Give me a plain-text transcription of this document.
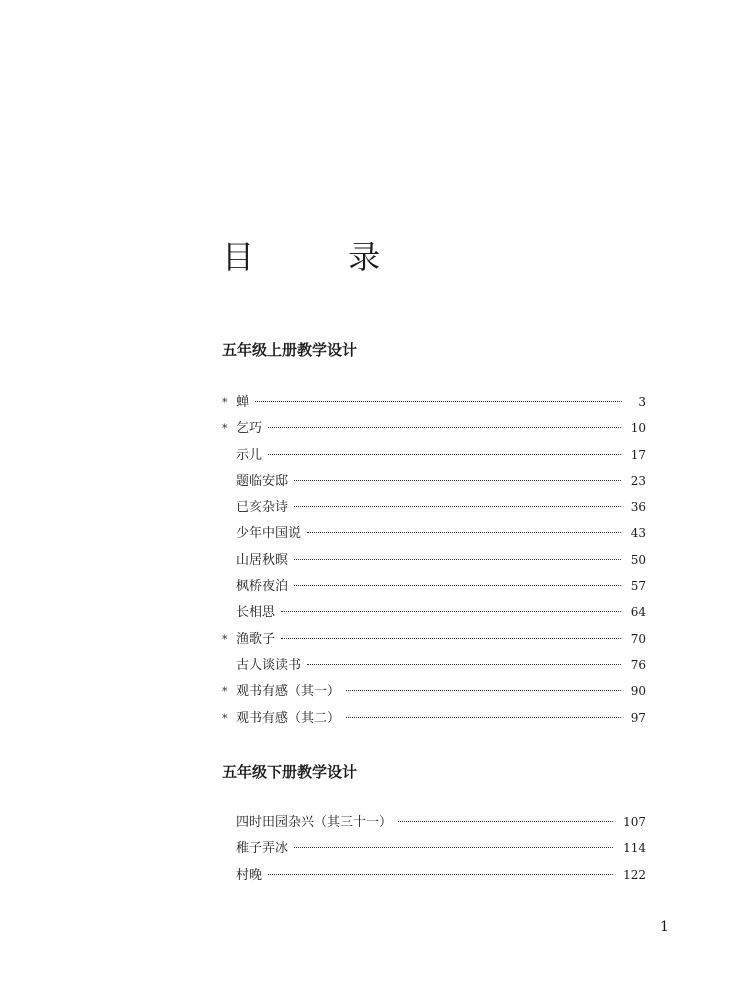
目 录
五年级上册教学设计
* 蝉	3
* 乞巧	10
示儿	17
题临安邸	23
已亥杂诗	36
少年中国说	43
山居秋暝	50
枫桥夜泊	57
长相思	64
* 渔歌子	70
古人谈读书	76
* 观书有感（其一）	90
* 观书有感（其二）	97
五年级下册教学设计
四时田园杂兴（其三十一）	107
稚子弄冰	114
村晚	122
1
